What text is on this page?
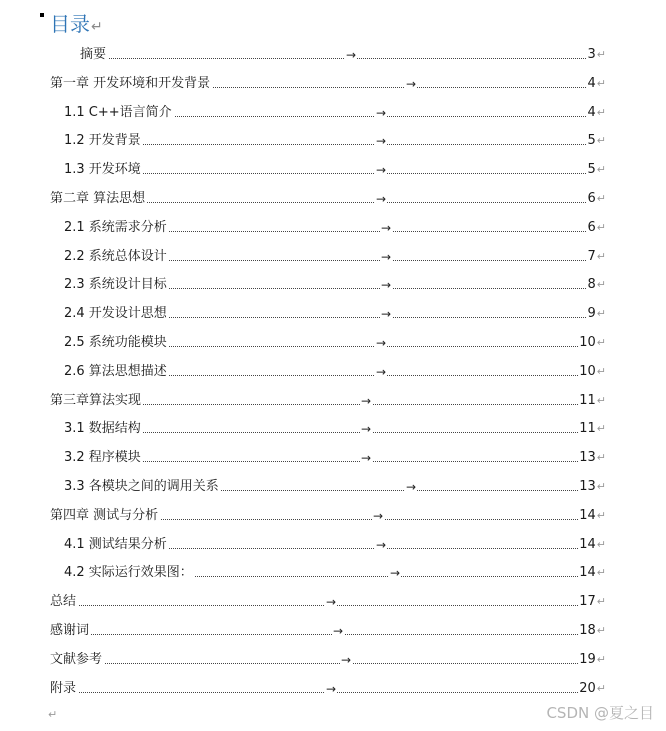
目录↵
摘要	→	3↵
第一章 开发环境和开发背景	→	4↵
1.1 C++语言简介	→	4↵
1.2 开发背景	→	5↵
1.3 开发环境	→	5↵
第二章 算法思想	→	6↵
2.1 系统需求分析	→	6↵
2.2 系统总体设计	→	7↵
2.3 系统设计目标	→	8↵
2.4 开发设计思想	→	9↵
2.5 系统功能模块	→	10↵
2.6 算法思想描述	→	10↵
第三章算法实现	→	11↵
3.1 数据结构	→	11↵
3.2 程序模块	→	13↵
3.3 各模块之间的调用关系	→	13↵
第四章 测试与分析	→	14↵
4.1 测试结果分析	→	14↵
4.2 实际运行效果图：	→	14↵
总结	→	17↵
感谢词	→	18↵
文献参考	→	19↵
附录	→	20↵
↵	CSDN @夏之目
